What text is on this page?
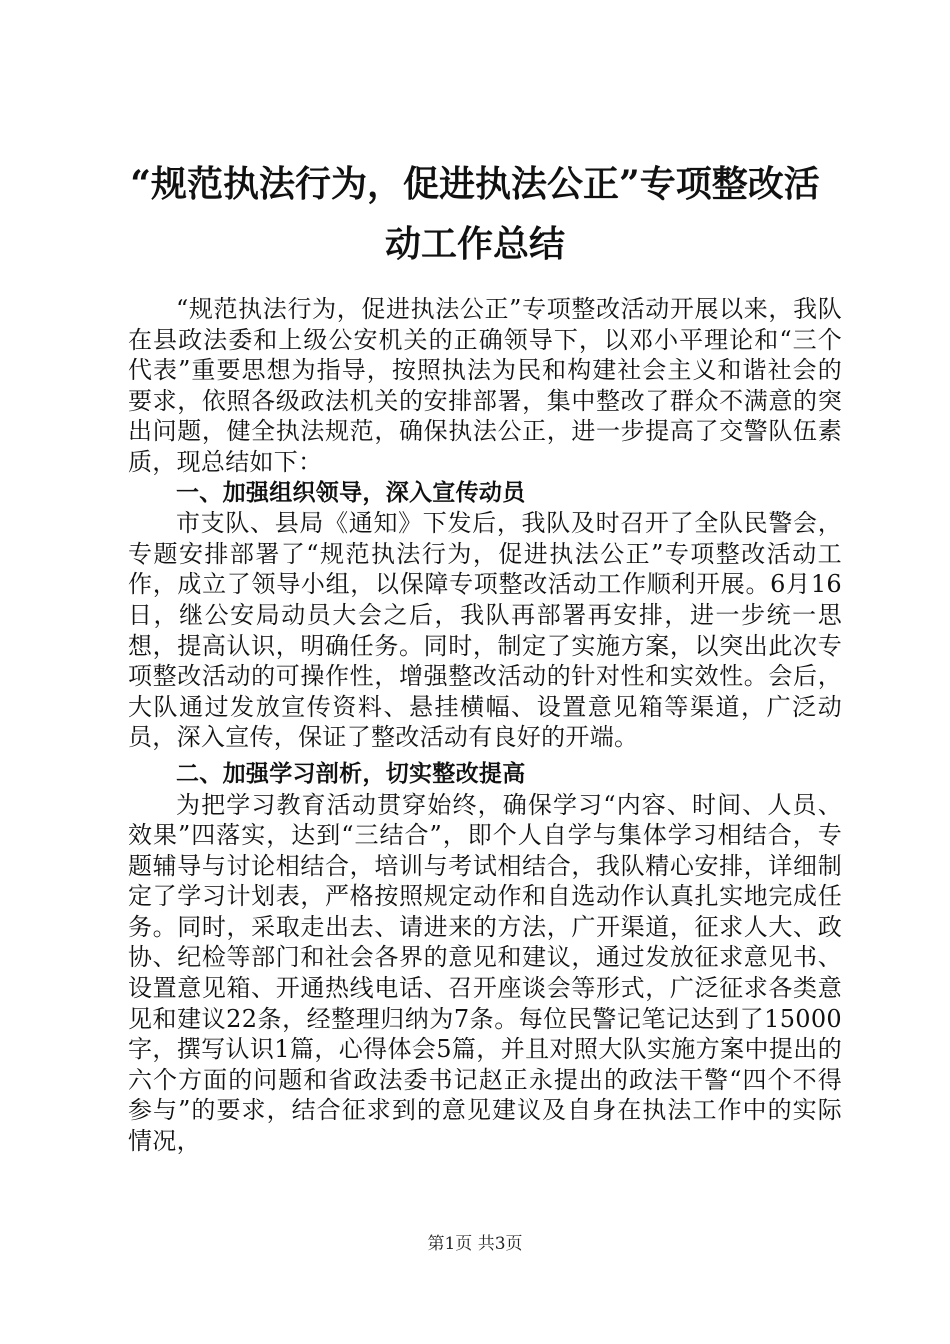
“规范执法行为，促进执法公正”专项整改活
动工作总结

“规范执法行为，促进执法公正”专项整改活动开展以来，我队在县政法委和上级公安机关的正确领导下，以邓小平理论和“三个代表”重要思想为指导，按照执法为民和构建社会主义和谐社会的要求，依照各级政法机关的安排部署，集中整改了群众不满意的突出问题，健全执法规范，确保执法公正，进一步提高了交警队伍素质，现总结如下：

一、加强组织领导，深入宣传动员

市支队、县局《通知》下发后，我队及时召开了全队民警会，专题安排部署了“规范执法行为，促进执法公正”专项整改活动工作，成立了领导小组，以保障专项整改活动工作顺利开展。6月16日，继公安局动员大会之后，我队再部署再安排，进一步统一思想，提高认识，明确任务。同时，制定了实施方案，以突出此次专项整改活动的可操作性，增强整改活动的针对性和实效性。会后，大队通过发放宣传资料、悬挂横幅、设置意见箱等渠道，广泛动员，深入宣传，保证了整改活动有良好的开端。

二、加强学习剖析，切实整改提高

为把学习教育活动贯穿始终，确保学习“内容、时间、人员、效果”四落实，达到“三结合”，即个人自学与集体学习相结合，专题辅导与讨论相结合，培训与考试相结合，我队精心安排，详细制定了学习计划表，严格按照规定动作和自选动作认真扎实地完成任务。同时，采取走出去、请进来的方法，广开渠道，征求人大、政协、纪检等部门和社会各界的意见和建议，通过发放征求意见书、设置意见箱、开通热线电话、召开座谈会等形式，广泛征求各类意见和建议22条，经整理归纳为7条。每位民警记笔记达到了15000字，撰写认识1篇，心得体会5篇，并且对照大队实施方案中提出的六个方面的问题和省政法委书记赵正永提出的政法干警“四个不得参与”的要求，结合征求到的意见建议及自身在执法工作中的实际情况，

第1页 共3页
